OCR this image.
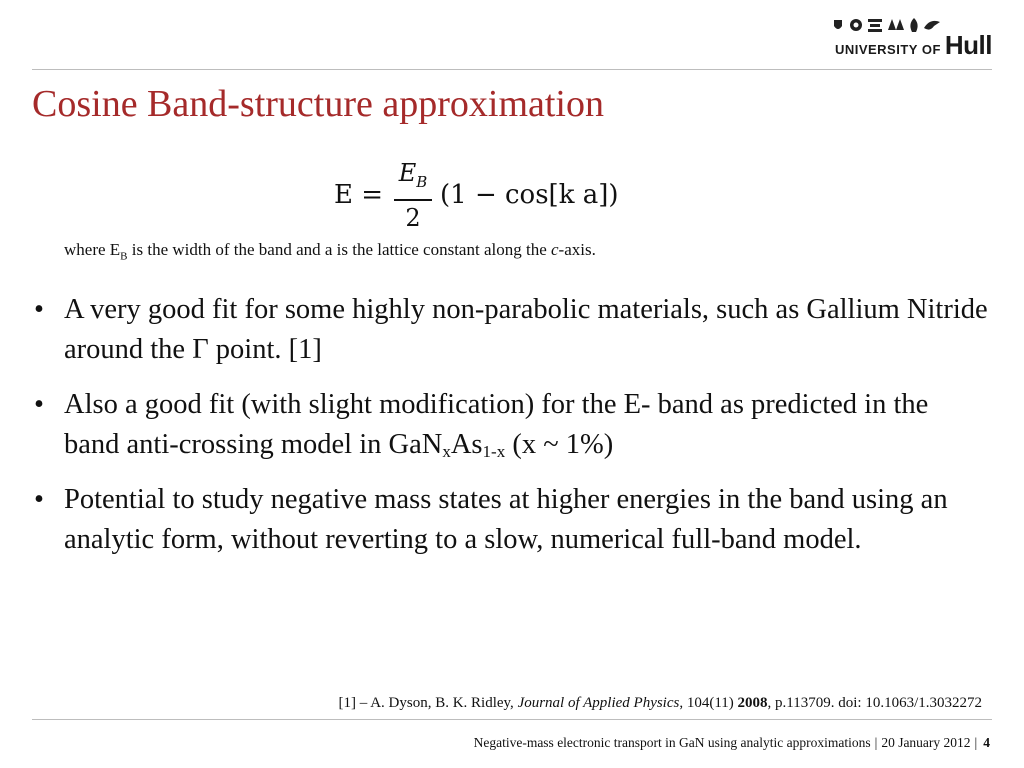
UNIVERSITY OF Hull
Cosine Band-structure approximation
E =
$E_B$
2
(1 − cos[k a])
where $E_B$ is the width of the band and a is the lattice constant along the c-axis.
• A very good fit for some highly non-parabolic materials, such as Gallium Nitride around the Γ point. [1]
• Also a good fit (with slight modification) for the E- band as predicted in the band anti-crossing model in $GaN_xAs_{1-x}$ (x ~ 1%)
• Potential to study negative mass states at higher energies in the band using an analytic form, without reverting to a slow, numerical full-band model.
[1] – A. Dyson, B. K. Ridley, Journal of Applied Physics, 104(11) 2008, p.113709. doi: 10.1063/1.3032272
Negative-mass electronic transport in GaN using analytic approximations | 20 January 2012 | 4
